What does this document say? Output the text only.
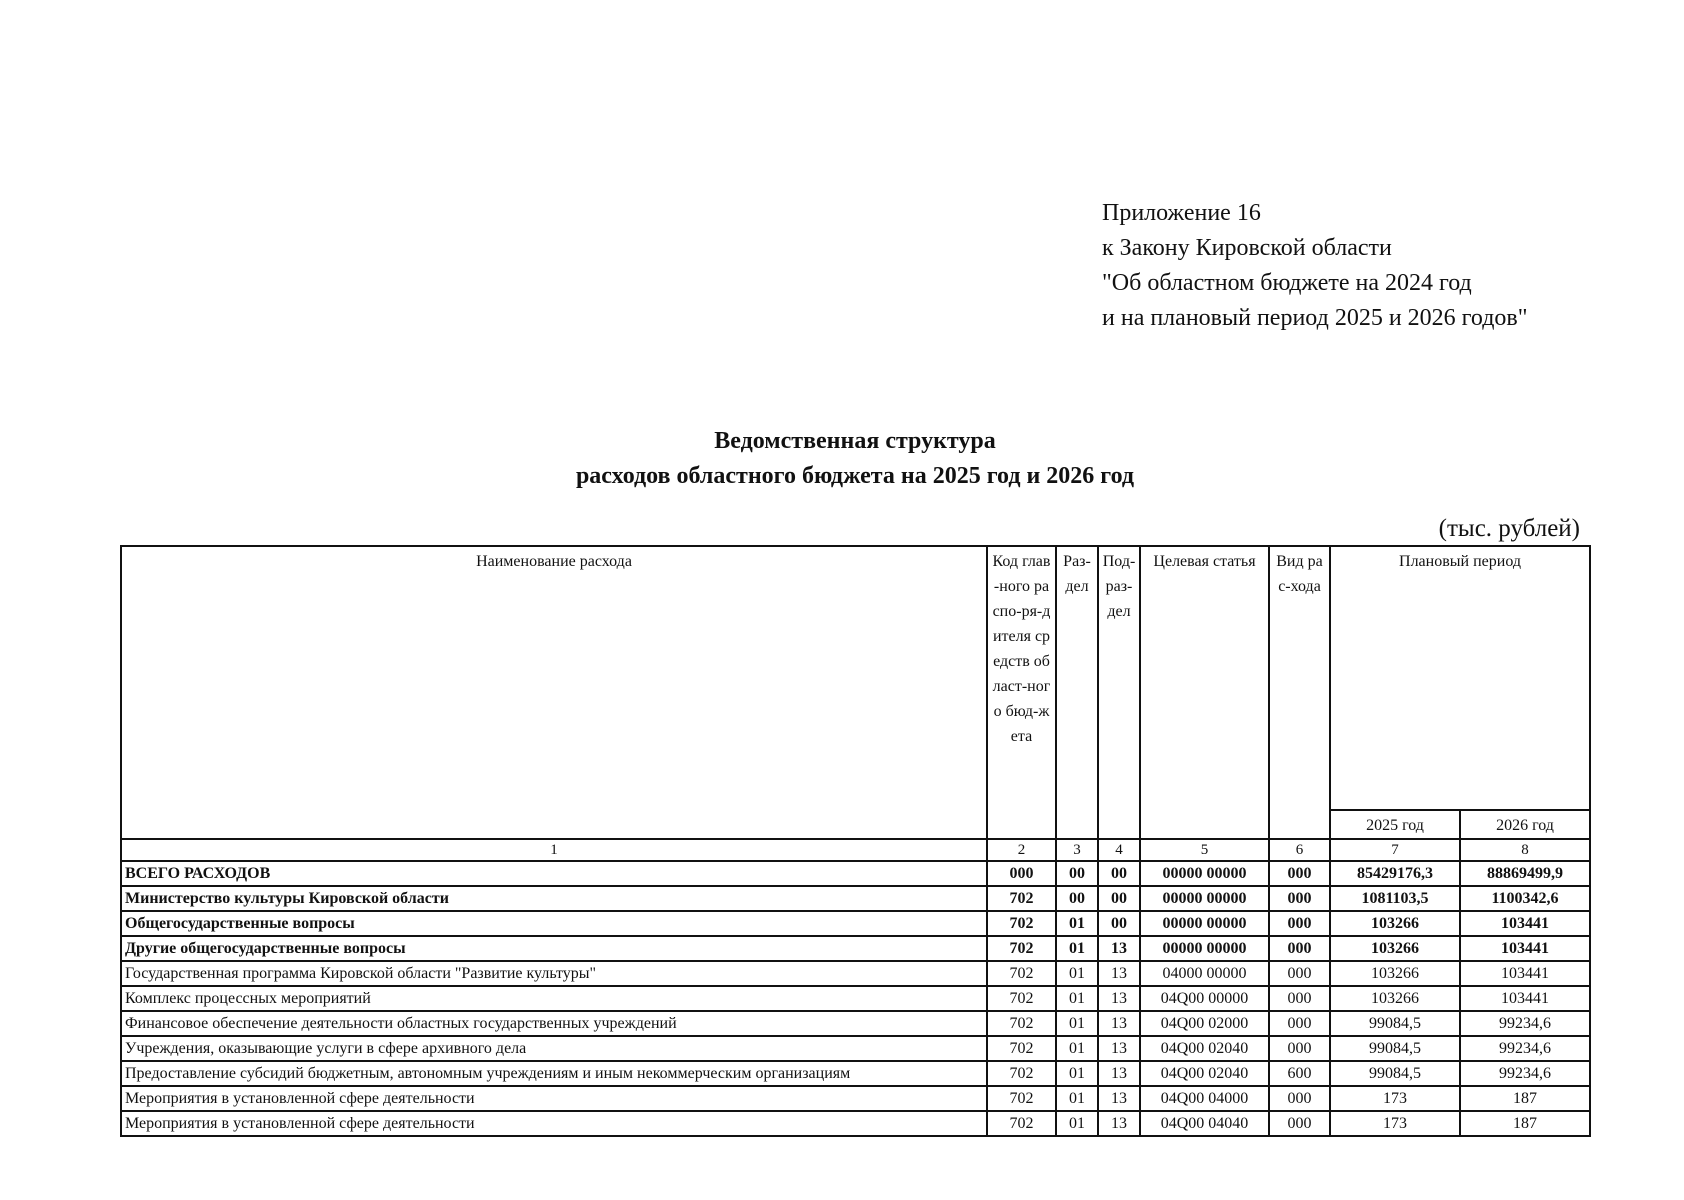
Приложение 16
к Закону Кировской области
"Об областном бюджете на 2024 год
и на плановый период 2025 и 2026 годов"
Ведомственная структура
расходов областного бюджета на 2025 год и 2026 год
(тыс. рублей)
Наименование расхода	Код глав-ного распо-ря-дителя средств област-ного бюд-жета	Раз-дел	Под-раз-дел	Целевая статья	Вид рас-хода	Плановый период	
						2025 год	2026 год
1	2	3	4	5	6	7	8
ВСЕГО РАСХОДОВ	000	00	00	00000 00000	000	85429176,3	88869499,9
Министерство культуры Кировской области	702	00	00	00000 00000	000	1081103,5	1100342,6
Общегосударственные вопросы	702	01	00	00000 00000	000	103266	103441
Другие общегосударственные вопросы	702	01	13	00000 00000	000	103266	103441
Государственная программа Кировской области "Развитие культуры"	702	01	13	04000 00000	000	103266	103441
Комплекс процессных мероприятий	702	01	13	04Q00 00000	000	103266	103441
Финансовое обеспечение деятельности областных государственных учреждений	702	01	13	04Q00 02000	000	99084,5	99234,6
Учреждения, оказывающие услуги в сфере архивного дела	702	01	13	04Q00 02040	000	99084,5	99234,6
Предоставление субсидий бюджетным, автономным учреждениям и иным некоммерческим организациям	702	01	13	04Q00 02040	600	99084,5	99234,6
Мероприятия в установленной сфере деятельности	702	01	13	04Q00 04000	000	173	187
Мероприятия в установленной сфере деятельности	702	01	13	04Q00 04040	000	173	187
